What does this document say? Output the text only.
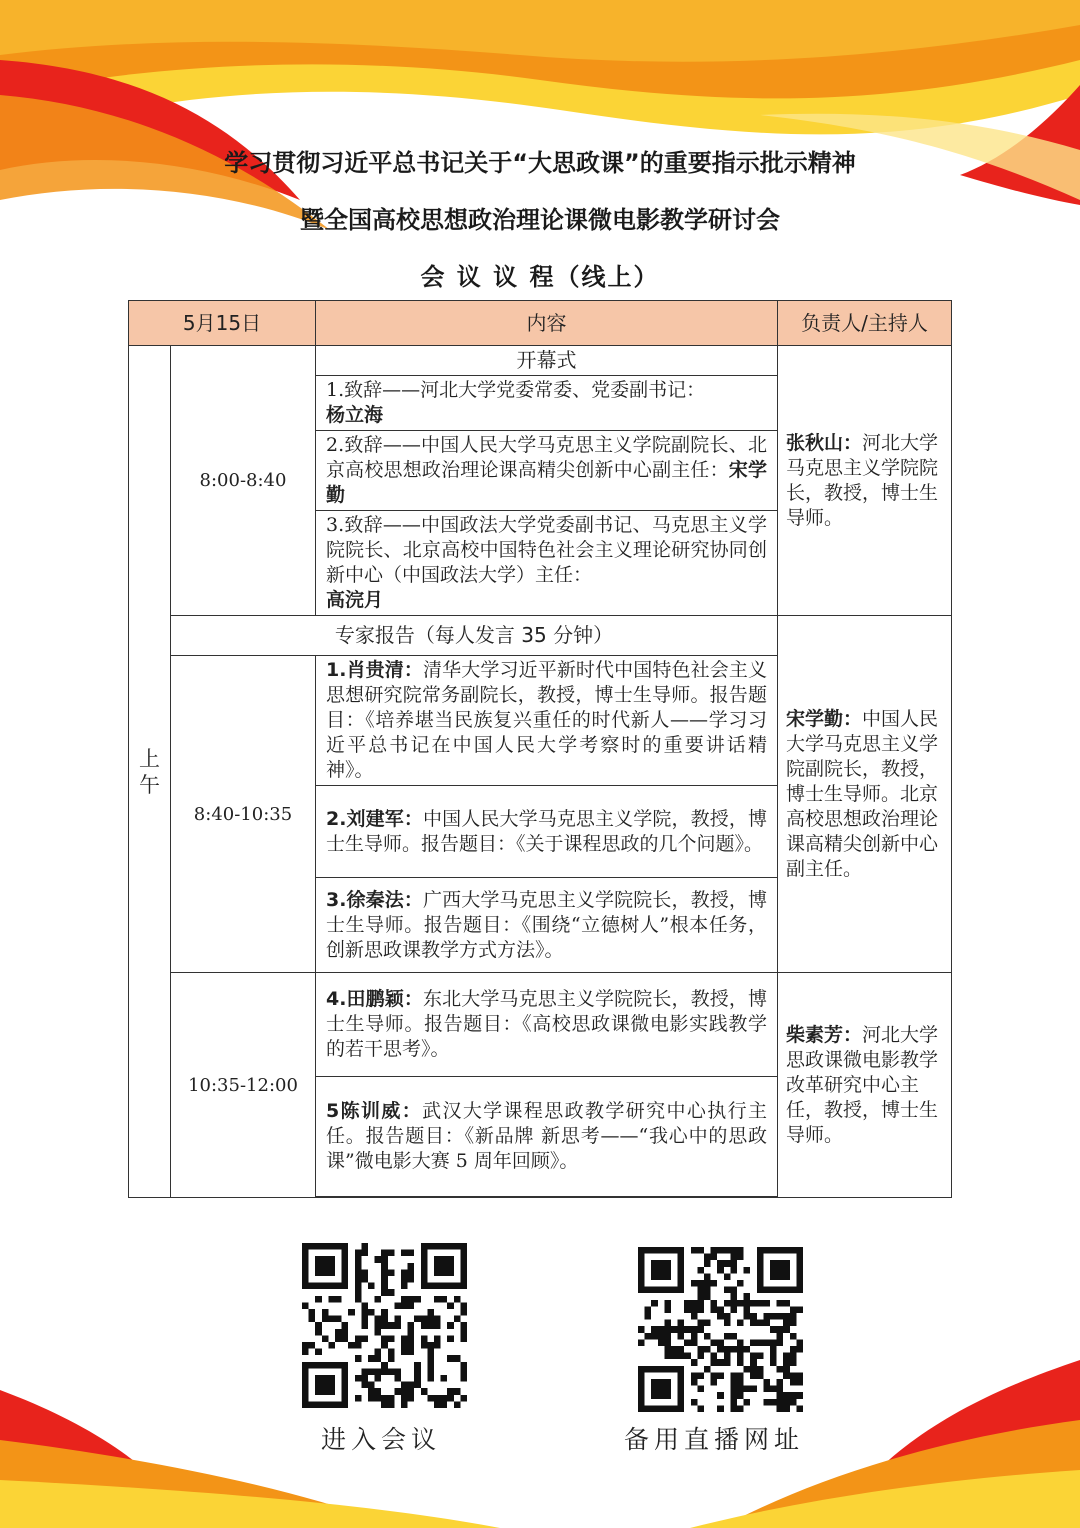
学习贯彻习近平总书记关于“大思政课”的重要指示批示精神
暨全国高校思想政治理论课微电影教学研讨会
会 议 议 程（线上）
5月15日		内容	负责人/主持人
上午	8:00-8:40	开幕式	张秋山：河北大学马克思主义学院院长，教授，博士生导师。
		1.致辞——河北大学党委常委、党委副书记：
杨立海	
		2.致辞——中国人民大学马克思主义学院副院长、北京高校思想政治理论课高精尖创新中心副主任：宋学勤	
		3.致辞——中国政法大学党委副书记、马克思主义学院院长、北京高校中国特色社会主义理论研究协同创新中心（中国政法大学）主任：
高浣月	
	专家报告（每人发言 35 分钟）		宋学勤：中国人民大学马克思主义学院副院长，教授，博士生导师。北京高校思想政治理论课高精尖创新中心副主任。
	8:40-10:35	1.肖贵清：清华大学习近平新时代中国特色社会主义思想研究院常务副院长，教授，博士生导师。报告题目：《培养堪当民族复兴重任的时代新人——学习习近平总书记在中国人民大学考察时的重要讲话精神》。	
		2.刘建军：中国人民大学马克思主义学院，教授，博士生导师。报告题目：《关于课程思政的几个问题》。	
		3.徐秦法：广西大学马克思主义学院院长，教授，博士生导师。报告题目：《围绕“立德树人”根本任务，创新思政课教学方式方法》。	
	10:35-12:00	4.田鹏颖：东北大学马克思主义学院院长，教授，博士生导师。报告题目：《高校思政课微电影实践教学的若干思考》。	柴素芳：河北大学思政课微电影教学改革研究中心主任，教授，博士生导师。
		5陈训威：武汉大学课程思政教学研究中心执行主任。报告题目：《新品牌 新思考——“我心中的思政课”微电影大赛 5 周年回顾》。	

进入会议	备用直播网址
